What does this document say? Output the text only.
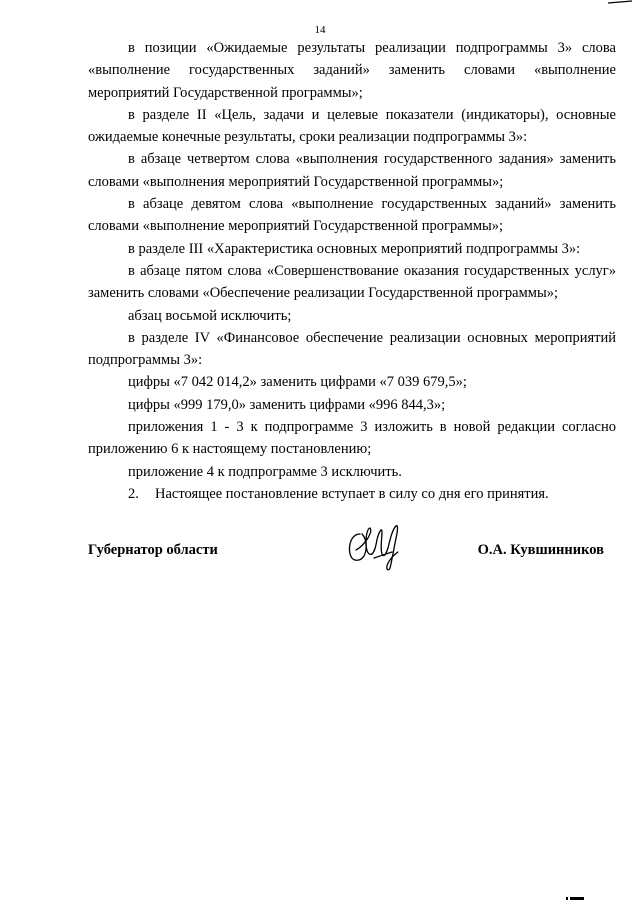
14

в позиции «Ожидаемые результаты реализации подпрограммы 3» слова «выполнение государственных заданий» заменить словами «выполнение мероприятий Государственной программы»;

в разделе II «Цель, задачи и целевые показатели (индикаторы), основные ожидаемые конечные результаты, сроки реализации подпрограммы 3»:

в абзаце четвертом слова «выполнения государственного задания» заменить словами «выполнения мероприятий Государственной программы»;

в абзаце девятом слова «выполнение государственных заданий» заменить словами «выполнение мероприятий Государственной программы»;

в разделе III «Характеристика основных мероприятий подпрограммы 3»:

в абзаце пятом слова «Совершенствование оказания государственных услуг» заменить словами «Обеспечение реализации Государственной программы»;

абзац восьмой исключить;

в разделе IV «Финансовое обеспечение реализации основных мероприятий подпрограммы 3»:

цифры «7 042 014,2» заменить цифрами «7 039 679,5»;

цифры «999 179,0» заменить цифрами «996 844,3»;

приложения 1 - 3 к подпрограмме 3 изложить в новой редакции согласно приложению 6 к настоящему постановлению;

приложение 4 к подпрограмме 3 исключить.

2. Настоящее постановление вступает в силу со дня его принятия.

Губернатор области	О.А. Кувшинников
